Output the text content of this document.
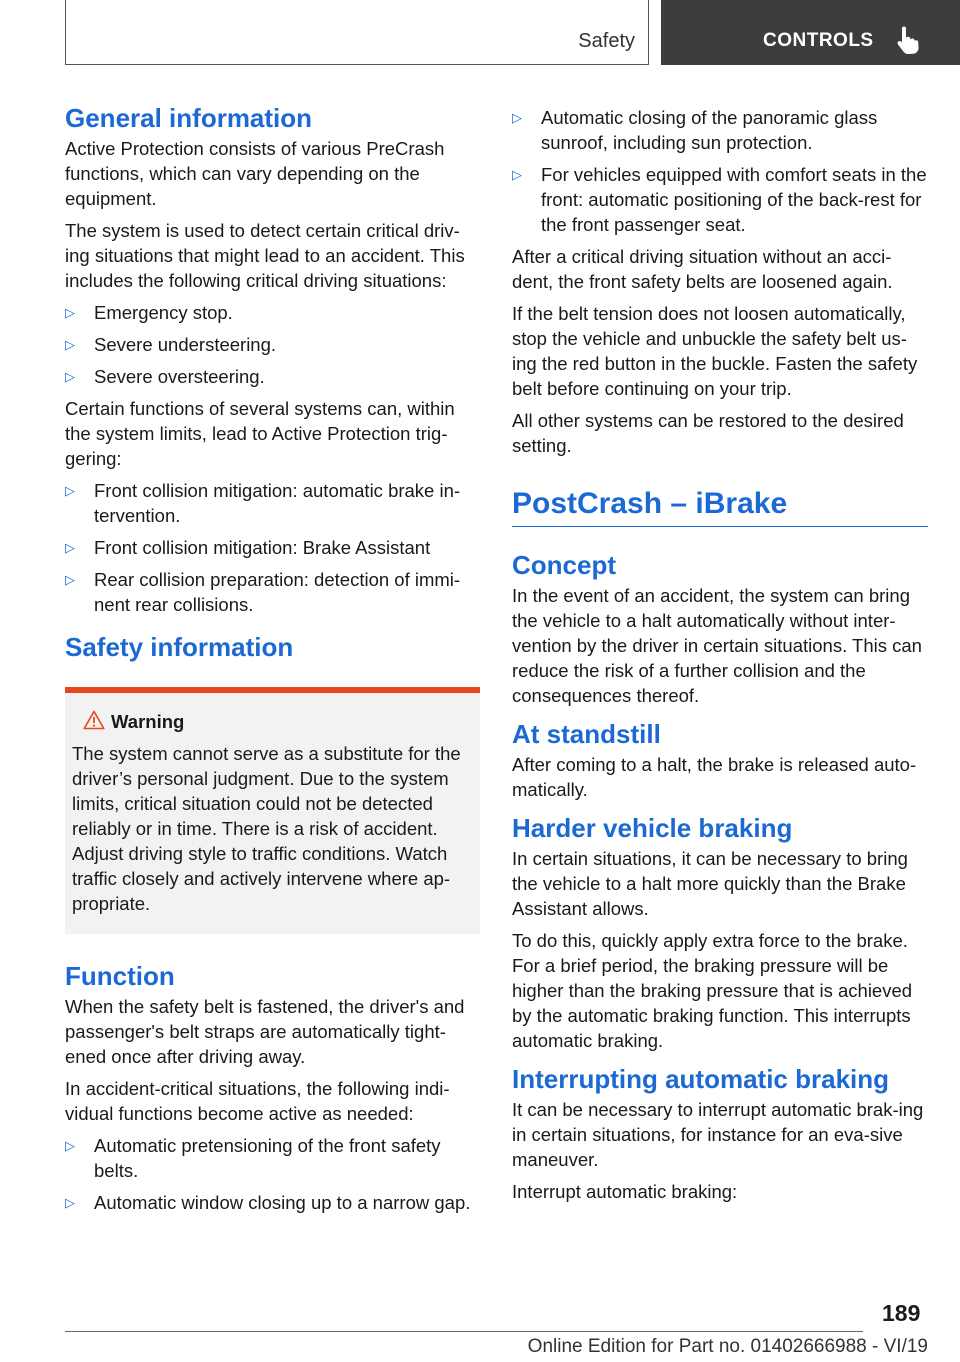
Safety	CONTROLS
General information

Active Protection consists of various PreCrash functions, which can vary depending on the equipment.

The system is used to detect certain critical driv‐ing situations that might lead to an accident. This includes the following critical driving situations:

▷ Emergency stop.
▷ Severe understeering.
▷ Severe oversteering.

Certain functions of several systems can, within the system limits, lead to Active Protection trig‐gering:

▷ Front collision mitigation: automatic brake in‐tervention.
▷ Front collision mitigation: Brake Assistant
▷ Rear collision preparation: detection of immi‐nent rear collisions.
Safety information
Warning

The system cannot serve as a substitute for the driver’s personal judgment. Due to the system limits, critical situation could not be detected reliably or in time. There is a risk of accident. Adjust driving style to traffic conditions. Watch traffic closely and actively intervene where ap‐propriate.

Function

When the safety belt is fastened, the driver's and passenger's belt straps are automatically tight‐ened once after driving away.

In accident-critical situations, the following indi‐vidual functions become active as needed:

▷ Automatic pretensioning of the front safety belts.
▷ Automatic window closing up to a narrow gap.
▷ Automatic closing of the panoramic glass sunroof, including sun protection.
▷ For vehicles equipped with comfort seats in the front: automatic positioning of the back‐rest for the front passenger seat.

After a critical driving situation without an acci‐dent, the front safety belts are loosened again.

If the belt tension does not loosen automatically, stop the vehicle and unbuckle the safety belt us‐ing the red button in the buckle. Fasten the safety belt before continuing on your trip.

All other systems can be restored to the desired setting.

PostCrash – iBrake
Concept

In the event of an accident, the system can bring the vehicle to a halt automatically without inter‐vention by the driver in certain situations. This can reduce the risk of a further collision and the consequences thereof.

At standstill

After coming to a halt, the brake is released auto‐matically.

Harder vehicle braking

In certain situations, it can be necessary to bring the vehicle to a halt more quickly than the Brake Assistant allows.

To do this, quickly apply extra force to the brake. For a brief period, the braking pressure will be higher than the braking pressure that is achieved by the automatic braking function. This interrupts automatic braking.

Interrupting automatic braking

It can be necessary to interrupt automatic brak‐ing in certain situations, for instance for an eva‐sive maneuver.

Interrupt automatic braking:

189
Online Edition for Part no. 01402666988 - VI/19
